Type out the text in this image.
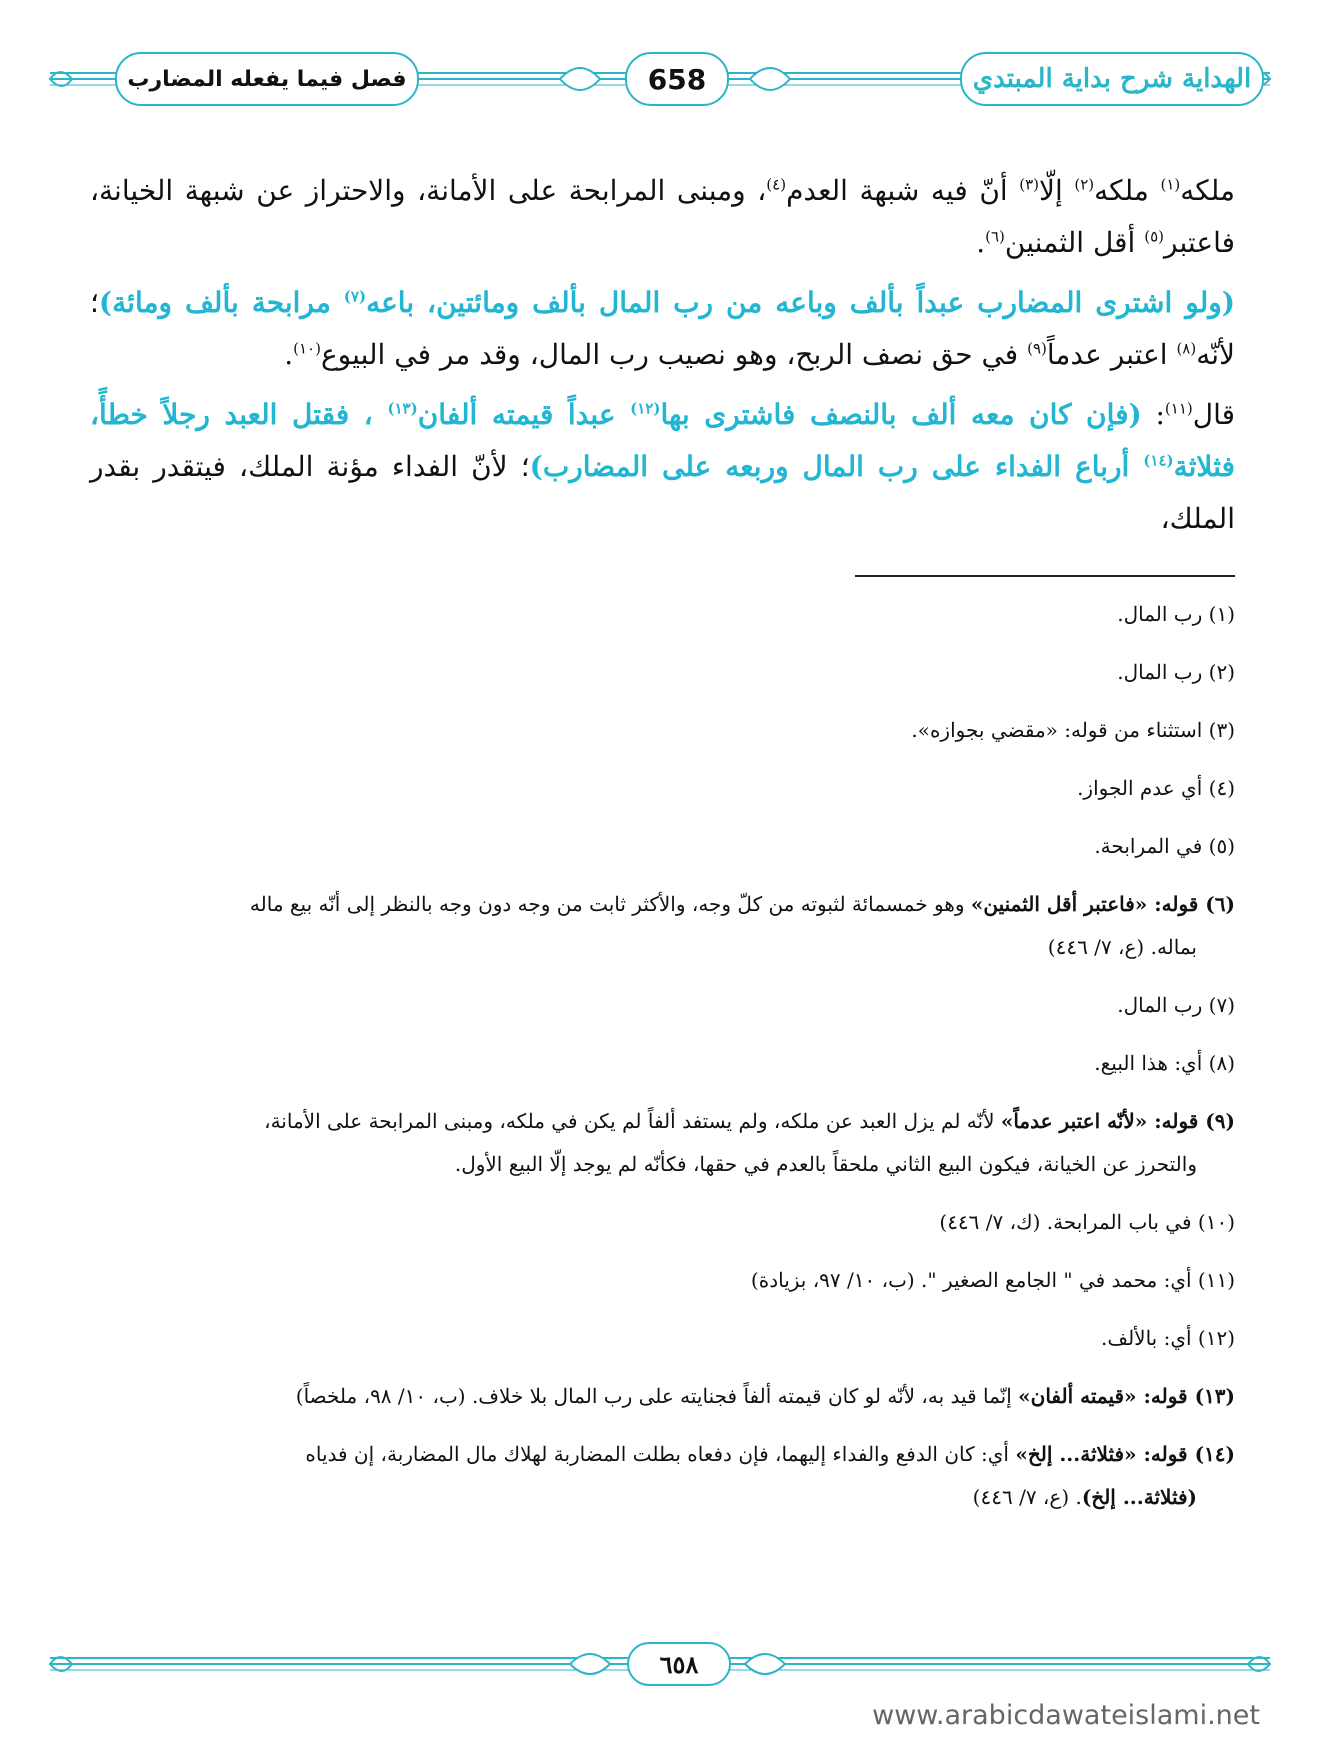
الهداية شرح بداية المبتدي
658
فصل فيما يفعله المضارب

ملكه$^{(١)}$ ملكه$^{(٢)}$ إلّا$^{(٣)}$ أنّ فيه شبهة العدم$^{(٤)}$، ومبنى المرابحة على الأمانة، والاحتراز عن شبهة الخيانة، فاعتبر$^{(٥)}$ أقل الثمنين$^{(٦)}$.

(ولو اشترى المضارب عبداً بألف وباعه من رب المال بألف ومائتين، باعه$^{(٧)}$ مرابحة بألف ومائة)؛ لأنّه$^{(٨)}$ اعتبر عدماً$^{(٩)}$ في حق نصف الربح، وهو نصيب رب المال، وقد مر في البيوع$^{(١٠)}$.

قال$^{(١١)}$: (فإن كان معه ألف بالنصف فاشترى بها$^{(١٢)}$ عبداً قيمته ألفان$^{(١٣)}$ ، فقتل العبد رجلاً خطأً، فثلاثة$^{(١٤)}$ أرباع الفداء على رب المال وربعه على المضارب)؛ لأنّ الفداء مؤنة الملك، فيتقدر بقدر الملك،

(١) رب المال.

(٢) رب المال.

(٣) استثناء من قوله: «مقضي بجوازه».

(٤) أي عدم الجواز.

(٥) في المرابحة.

(٦) قوله: «فاعتبر أقل الثمنين» وهو خمسمائة لثبوته من كلّ وجه، والأكثر ثابت من وجه دون وجه بالنظر إلى أنّه بيع ماله
بماله. (ع، ٧/ ٤٤٦)

(٧) رب المال.

(٨) أي: هذا البيع.

(٩) قوله: «لأنّه اعتبر عدماً» لأنّه لم يزل العبد عن ملكه، ولم يستفد ألفاً لم يكن في ملكه، ومبنى المرابحة على الأمانة،
والتحرز عن الخيانة، فيكون البيع الثاني ملحقاً بالعدم في حقها، فكأنّه لم يوجد إلّا البيع الأول.

(١٠) في باب المرابحة. (ك، ٧/ ٤٤٦)

(١١) أي: محمد في " الجامع الصغير ". (ب، ١٠/ ٩٧، بزيادة)

(١٢) أي: بالألف.

(١٣) قوله: «قيمته ألفان» إنّما قيد به، لأنّه لو كان قيمته ألفاً فجنايته على رب المال بلا خلاف. (ب، ١٠/ ٩٨، ملخصاً)

(١٤) قوله: «فثلاثة... إلخ» أي: كان الدفع والفداء إليهما، فإن دفعاه بطلت المضاربة لهلاك مال المضاربة، إن فدياه
(فثلاثة... إلخ). (ع، ٧/ ٤٤٦)

٦٥٨
www.arabicdawateislami.net
